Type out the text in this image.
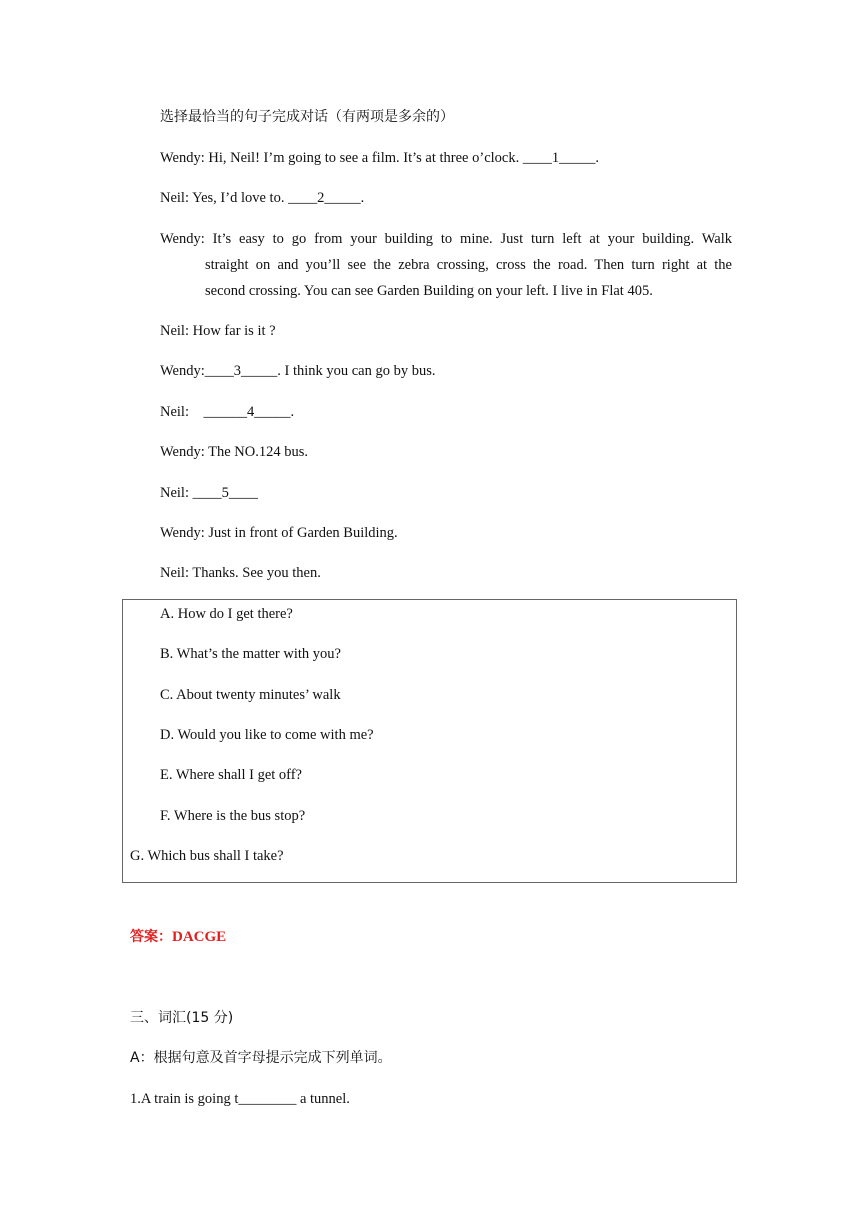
选择最恰当的句子完成对话（有两项是多余的）
Wendy: Hi, Neil! I’m going to see a film. It’s at three o’clock. ____1_____.
Neil: Yes, I’d love to. ____2_____.
Wendy: It’s easy to go from your building to mine. Just turn left at your building. Walk
straight on and you’ll see the zebra crossing, cross the road. Then turn right at the
second crossing. You can see Garden Building on your left. I live in Flat 405.
Neil: How far is it ?
Wendy:____3_____. I think you can go by bus.
Neil:    ______4_____.
Wendy: The NO.124 bus.
Neil: ____5____
Wendy: Just in front of Garden Building.
Neil: Thanks. See you then.
A. How do I get there?
B. What’s the matter with you?
C. About twenty minutes’ walk
D. Would you like to come with me?
E. Where shall I get off?
F. Where is the bus stop?
G. Which bus shall I take?
答案：DACGE
三、词汇(15 分)
A：根据句意及首字母提示完成下列单词。
1.A train is going t________ a tunnel.
